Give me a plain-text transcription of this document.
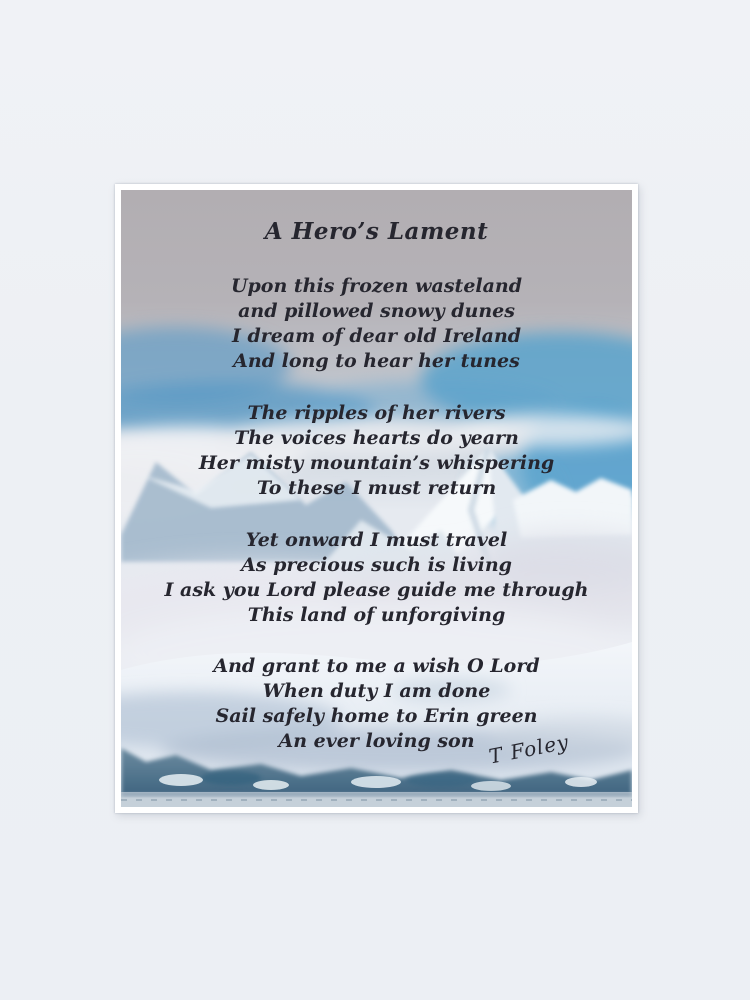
A Hero’s Lament
Upon this frozen wasteland
and pillowed snowy dunes
I dream of dear old Ireland
And long to hear her tunes
The ripples of her rivers
The voices hearts do yearn
Her misty mountain’s whispering
To these I must return
Yet onward I must travel
As precious such is living
I ask you Lord please guide me through
This land of unforgiving
And grant to me a wish O Lord
When duty I am done
Sail safely home to Erin green
An ever loving son T Foley
